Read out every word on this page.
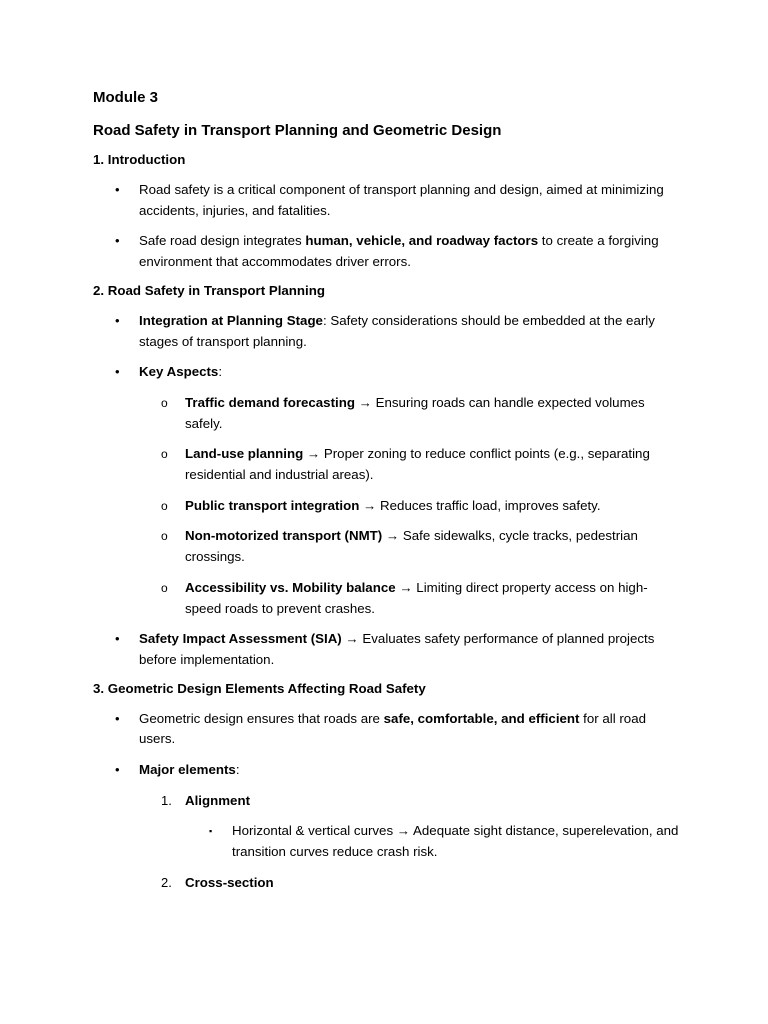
Module 3

Road Safety in Transport Planning and Geometric Design

1. Introduction

• Road safety is a critical component of transport planning and design, aimed at minimizing accidents, injuries, and fatalities.
• Safe road design integrates human, vehicle, and roadway factors to create a forgiving environment that accommodates driver errors.

2. Road Safety in Transport Planning

• Integration at Planning Stage: Safety considerations should be embedded at the early stages of transport planning.
• Key Aspects:
o Traffic demand forecasting → Ensuring roads can handle expected volumes safely.
o Land-use planning → Proper zoning to reduce conflict points (e.g., separating residential and industrial areas).
o Public transport integration → Reduces traffic load, improves safety.
o Non-motorized transport (NMT) → Safe sidewalks, cycle tracks, pedestrian crossings.
o Accessibility vs. Mobility balance → Limiting direct property access on high-speed roads to prevent crashes.
• Safety Impact Assessment (SIA) → Evaluates safety performance of planned projects before implementation.

3. Geometric Design Elements Affecting Road Safety

• Geometric design ensures that roads are safe, comfortable, and efficient for all road users.
• Major elements:
1. Alignment
▪ Horizontal & vertical curves → Adequate sight distance, superelevation, and transition curves reduce crash risk.
2. Cross-section
